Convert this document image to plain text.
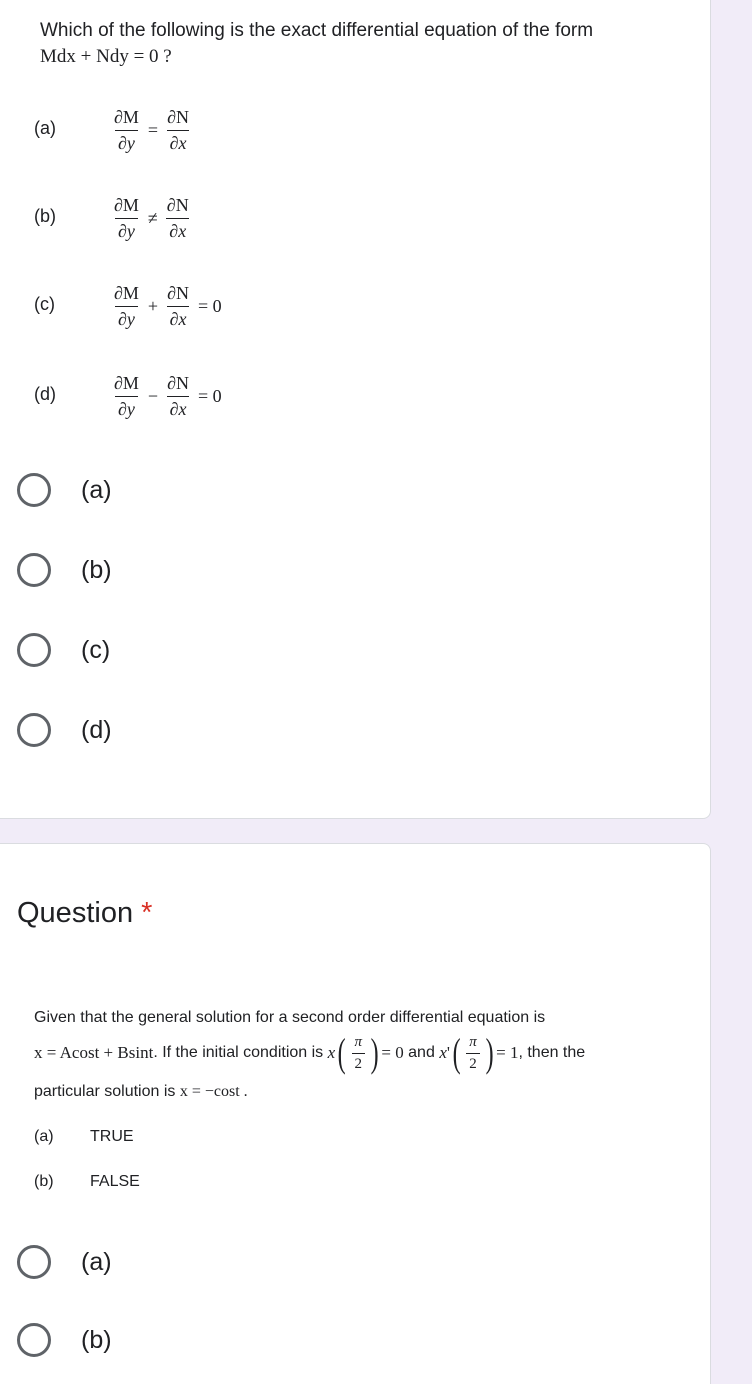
Which of the following is the exact differential equation of the form
Mdx + Ndy = 0 ?
(a)	$\frac{\partial M}{\partial y} = \frac{\partial N}{\partial x}$
(b)	$\frac{\partial M}{\partial y} \ne \frac{\partial N}{\partial x}$
(c)	$\frac{\partial M}{\partial y} + \frac{\partial N}{\partial x} = 0$
(d)	$\frac{\partial M}{\partial y} - \frac{\partial N}{\partial x} = 0$
(a)
(b)
(c)
(d)
Question *
Given that the general solution for a second order differential equation is
x = Acost + Bsint . If the initial condition is
x ( $\frac{\pi}{2}$ ) = 0
and
x ' ( $\frac{\pi}{2}$ ) = 1 , then the
particular solution is x = −cost .
(a) TRUE
(b) FALSE
(a)
(b)
